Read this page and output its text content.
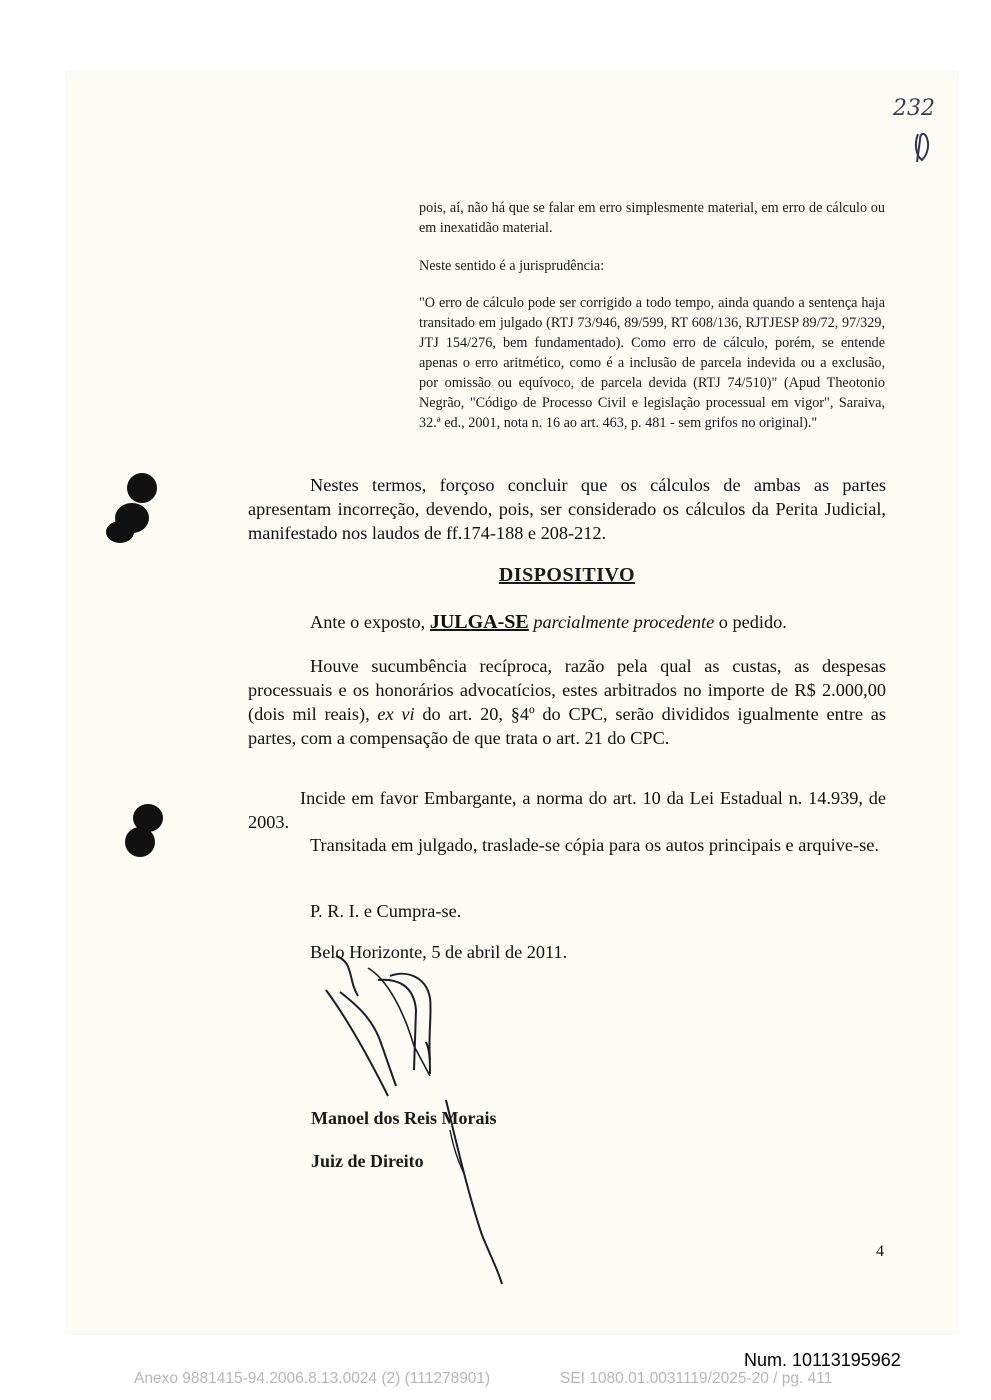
232
pois, aí, não há que se falar em erro simplesmente material, em erro de cálculo ou em inexatidão material.
Neste sentido é a jurisprudência:
"O erro de cálculo pode ser corrigido a todo tempo, ainda quando a sentença haja transitado em julgado (RTJ 73/946, 89/599, RT 608/136, RJTJESP 89/72, 97/329, JTJ 154/276, bem fundamentado). Como erro de cálculo, porém, se entende apenas o erro aritmético, como é a inclusão de parcela indevida ou a exclusão, por omissão ou equívoco, de parcela devida (RTJ 74/510)" (Apud Theotonio Negrão, "Código de Processo Civil e legislação processual em vigor", Saraiva, 32.ª ed., 2001, nota n. 16 ao art. 463, p. 481 - sem grifos no original)."

Nestes termos, forçoso concluir que os cálculos de ambas as partes apresentam incorreção, devendo, pois, ser considerado os cálculos da Perita Judicial, manifestado nos laudos de ff.174-188 e 208-212.

DISPOSITIVO
Ante o exposto, JULGA-SE parcialmente procedente o pedido.

Houve sucumbência recíproca, razão pela qual as custas, as despesas processuais e os honorários advocatícios, estes arbitrados no importe de R$ 2.000,00 (dois mil reais), ex vi do art. 20, §4º do CPC, serão divididos igualmente entre as partes, com a compensação de que trata o art. 21 do CPC.

Incide em favor Embargante, a norma do art. 10 da Lei Estadual n. 14.939, de 2003.

Transitada em julgado, traslade-se cópia para os autos principais e arquive-se.

P. R. I. e Cumpra-se.
Belo Horizonte, 5 de abril de 2011.
Manoel dos Reis Morais
Juiz de Direito
4
Num. 10113195962
Anexo 9881415-94.2006.8.13.0024 (2) (111278901)	SEI 1080.01.0031119/2025-20 / pg. 411
